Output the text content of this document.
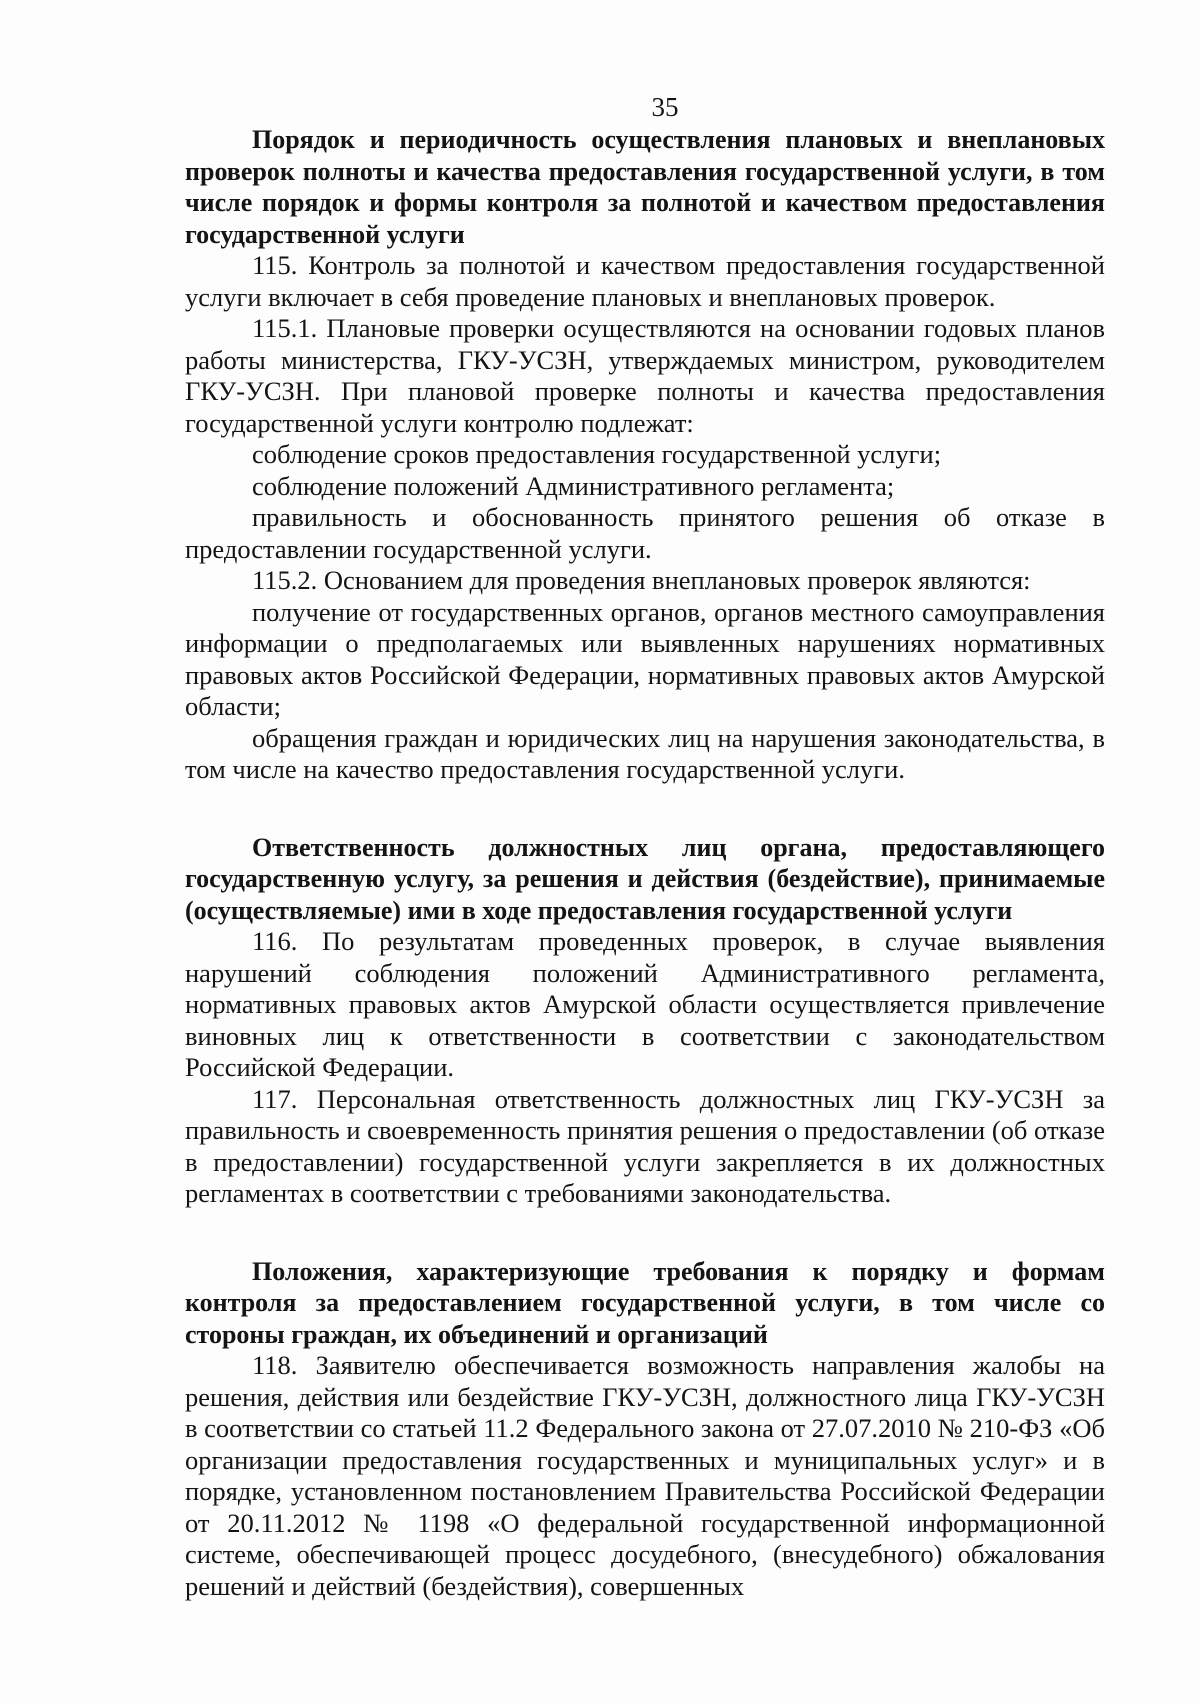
35

Порядок и периодичность осуществления плановых и внеплановых проверок полноты и качества предоставления государственной услуги, в том числе порядок и формы контроля за полнотой и качеством предоставления государственной услуги

115. Контроль за полнотой и качеством предоставления государственной услуги включает в себя проведение плановых и внеплановых проверок.

115.1. Плановые проверки осуществляются на основании годовых планов работы министерства, ГКУ-УСЗН, утверждаемых министром, руководителем ГКУ-УСЗН. При плановой проверке полноты и качества предоставления государственной услуги контролю подлежат:

соблюдение сроков предоставления государственной услуги;

соблюдение положений Административного регламента;

правильность и обоснованность принятого решения об отказе в предоставлении государственной услуги.

115.2. Основанием для проведения внеплановых проверок являются:

получение от государственных органов, органов местного самоуправления информации о предполагаемых или выявленных нарушениях нормативных правовых актов Российской Федерации, нормативных правовых актов Амурской области;

обращения граждан и юридических лиц на нарушения законодательства, в том числе на качество предоставления государственной услуги.

Ответственность должностных лиц органа, предоставляющего государственную услугу, за решения и действия (бездействие), принимаемые (осуществляемые) ими в ходе предоставления государственной услуги

116. По результатам проведенных проверок, в случае выявления нарушений соблюдения положений Административного регламента, нормативных правовых актов Амурской области осуществляется привлечение виновных лиц к ответственности в соответствии с законодательством Российской Федерации.

117. Персональная ответственность должностных лиц ГКУ-УСЗН за правильность и своевременность принятия решения о предоставлении (об отказе в предоставлении) государственной услуги закрепляется в их должностных регламентах в соответствии с требованиями законодательства.

Положения, характеризующие требования к порядку и формам контроля за предоставлением государственной услуги, в том числе со стороны граждан, их объединений и организаций

118. Заявителю обеспечивается возможность направления жалобы на решения, действия или бездействие ГКУ-УСЗН, должностного лица ГКУ-УСЗН в соответствии со статьей 11.2 Федерального закона от 27.07.2010 № 210-ФЗ «Об организации предоставления государственных и муниципальных услуг» и в порядке, установленном постановлением Правительства Российской Федерации от 20.11.2012 № 1198 «О федеральной государственной информационной системе, обеспечивающей процесс досудебного, (внесудебного) обжалования решений и действий (бездействия), совершенных
